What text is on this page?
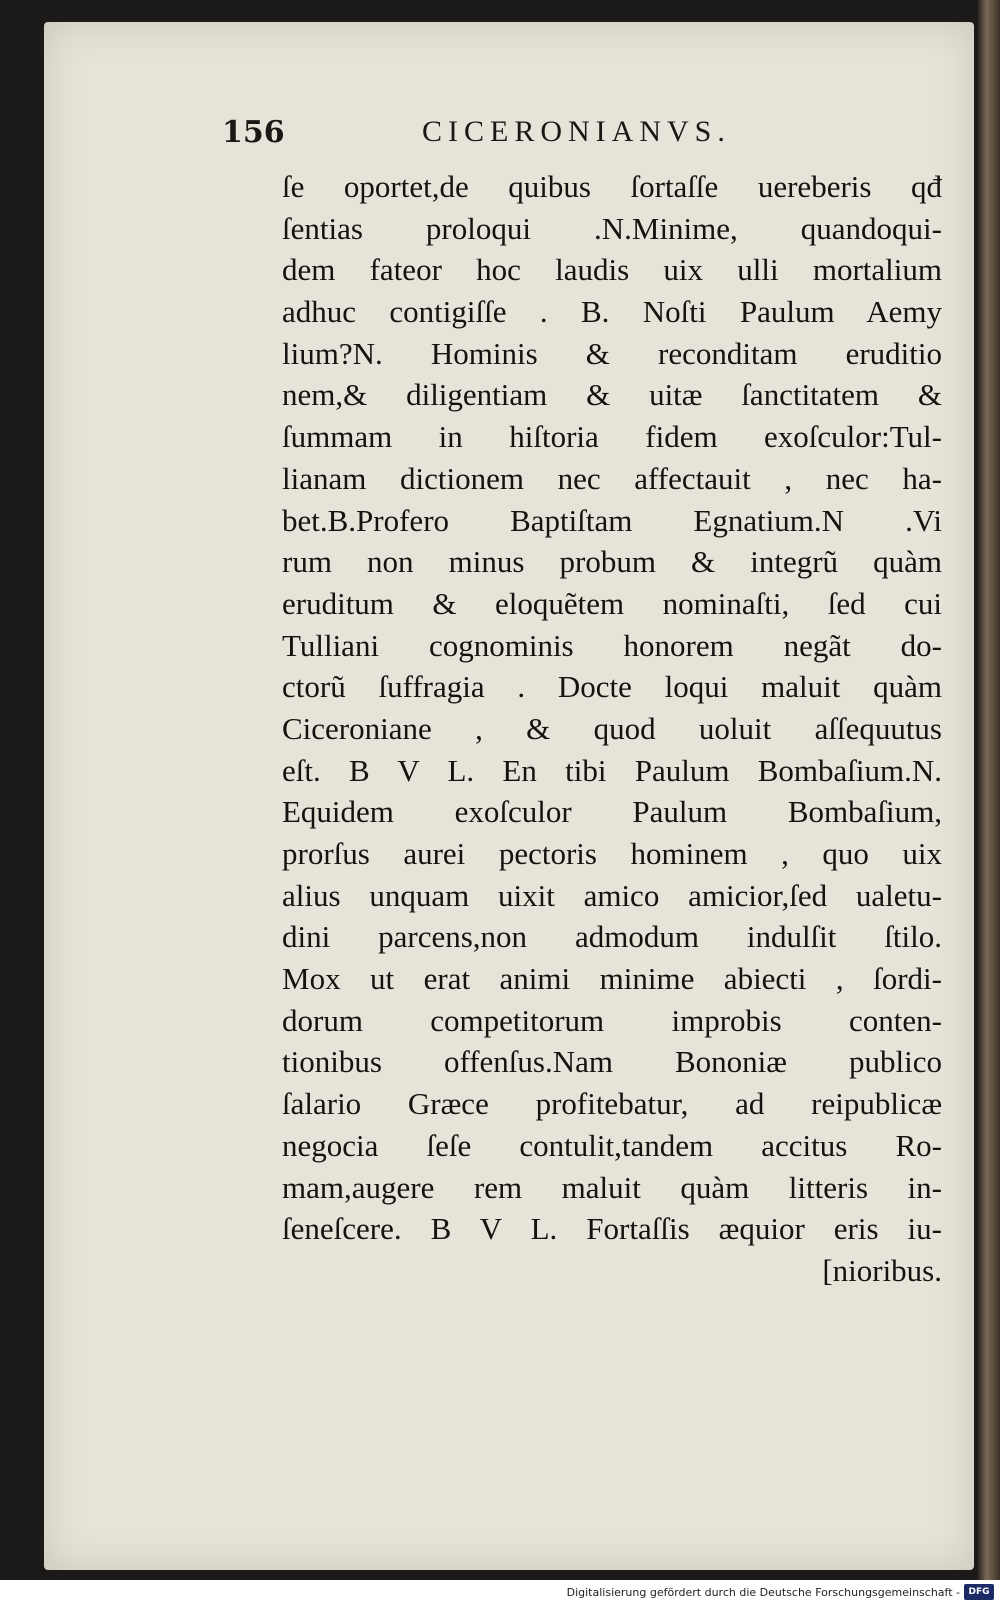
156	CICERONIANVS.
ſe oportet,de quibus ſortaſſe uereberis qđ
ſentias proloqui .N.Minime, quandoqui-
dem fateor hoc laudis uix ulli mortalium
adhuc contigiſſe . B. Noſti Paulum Aemy
lium?N. Hominis & reconditam eruditio
nem,& diligentiam & uitæ ſanctitatem &
ſummam in hiſtoria fidem exoſculor:Tul-
lianam dictionem nec affectauit , nec ha-
bet.B.Profero Baptiſtam Egnatium.N .Vi
rum non minus probum & integrũ quàm
eruditum & eloquẽtem nominaſti, ſed cui
Tulliani cognominis honorem negãt do-
ctorũ ſuffragia . Docte loqui maluit quàm
Ciceroniane , & quod uoluit aſſequutus
eſt. B V L. En tibi Paulum Bombaſium.N.
Equidem exoſculor Paulum Bombaſium,
prorſus aurei pectoris hominem , quo uix
alius unquam uixit amico amicior,ſed ualetu-
dini parcens,non admodum indulſit ſtilo.
Mox ut erat animi minime abiecti , ſordi-
dorum competitorum improbis conten-
tionibus offenſus.Nam Bononiæ publico
ſalario Græce profitebatur, ad reipublicæ
negocia ſeſe contulit,tandem accitus Ro-
mam,augere rem maluit quàm litteris in-
ſeneſcere. B V L. Fortaſſis æquior eris iu-
[nioribus.
Digitalisierung gefördert durch die Deutsche Forschungsgemeinschaft - DFG
